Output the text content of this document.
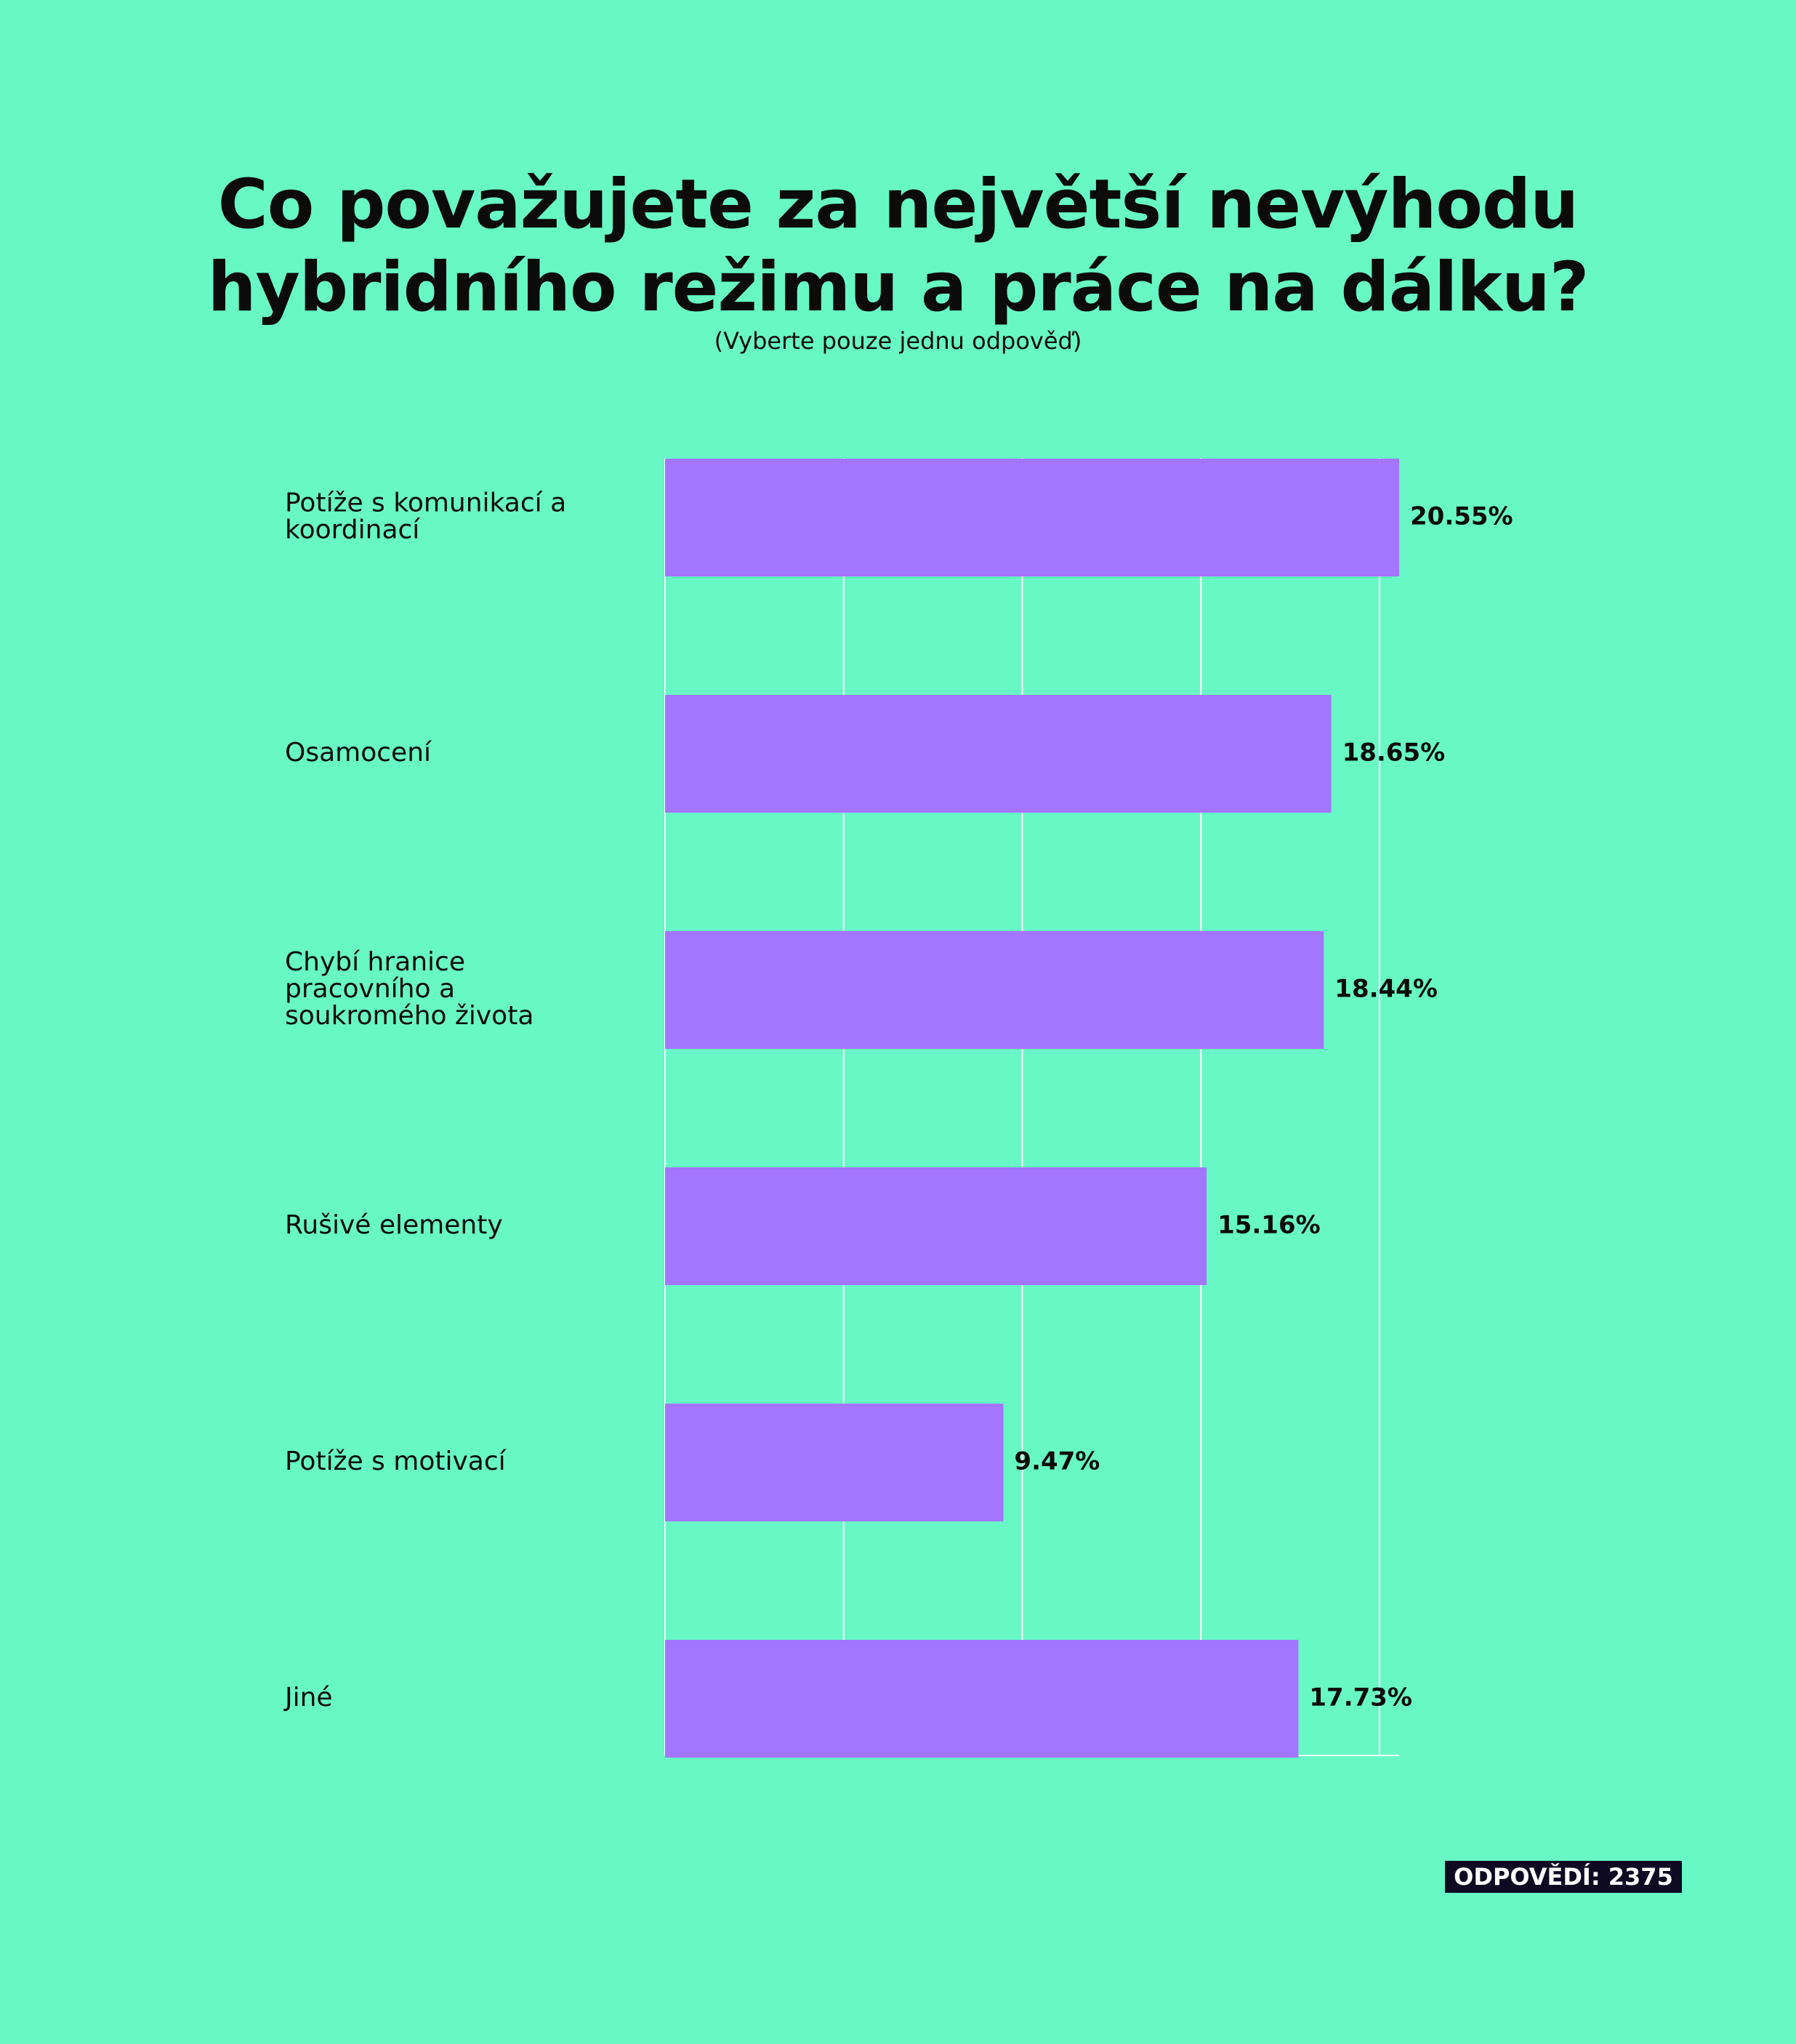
Co považujete za největší nevýhodu
hybridního režimu a práce na dálku?

(Vyberte pouze jednu odpověď)

20.55%
Potíže s komunikací a koordinací
18.65%
Osamocení
18.44%
Chybí hranice pracovního a soukromého života
15.16%
Rušivé elementy
9.47%
Potíže s motivací
17.73%
Jiné
ODPOVĚDÍ: 2375
